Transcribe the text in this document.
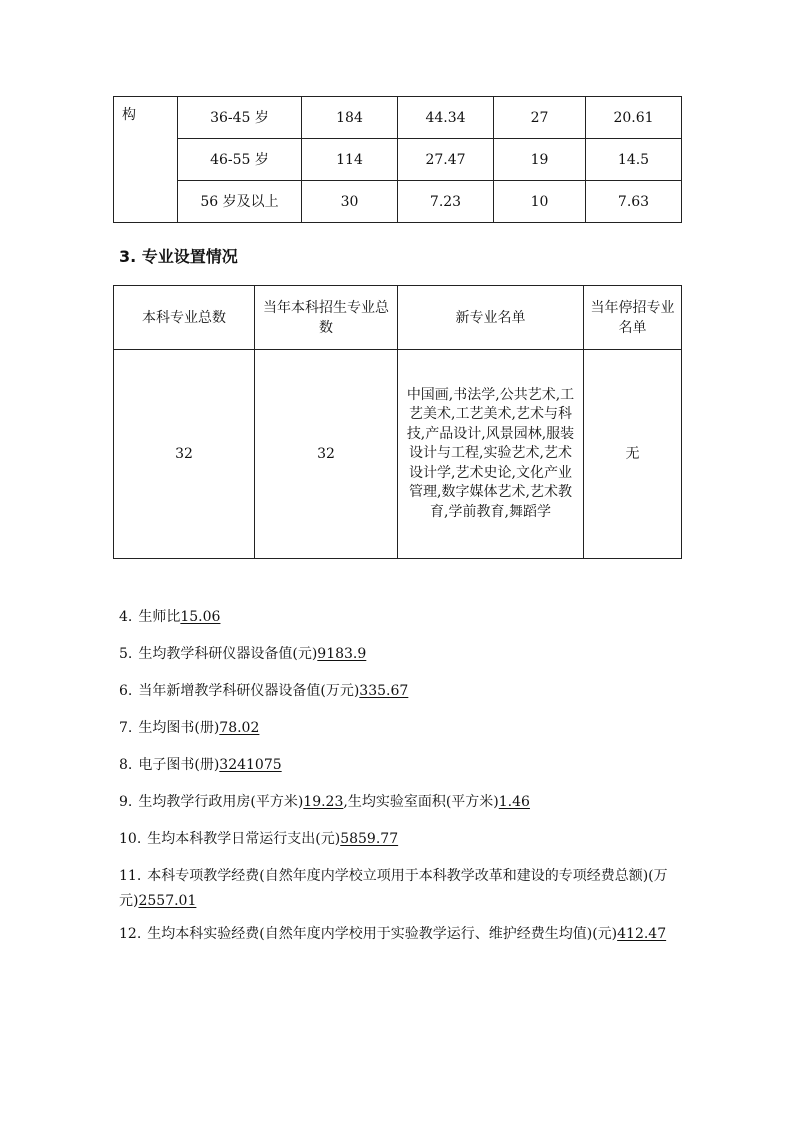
构	36-45 岁	184	44.34	27	20.61
	46-55 岁	114	27.47	19	14.5
	56 岁及以上	30	7.23	10	7.63
3. 专业设置情况
本科专业总数	当年本科招生专业总数	新专业名单	当年停招专业名单
32	32	中国画,书法学,公共艺术,工艺美术,工艺美术,艺术与科技,产品设计,风景园林,服装设计与工程,实验艺术,艺术设计学,艺术史论,文化产业管理,数字媒体艺术,艺术教育,学前教育,舞蹈学	无
4. 生师比15.06
5. 生均教学科研仪器设备值(元)9183.9
6. 当年新增教学科研仪器设备值(万元)335.67
7. 生均图书(册)78.02
8. 电子图书(册)3241075
9. 生均教学行政用房(平方米)19.23,生均实验室面积(平方米)1.46
10. 生均本科教学日常运行支出(元)5859.77
11. 本科专项教学经费(自然年度内学校立项用于本科教学改革和建设的专项经费总额)(万元)2557.01
12. 生均本科实验经费(自然年度内学校用于实验教学运行、维护经费生均值)(元)412.47
